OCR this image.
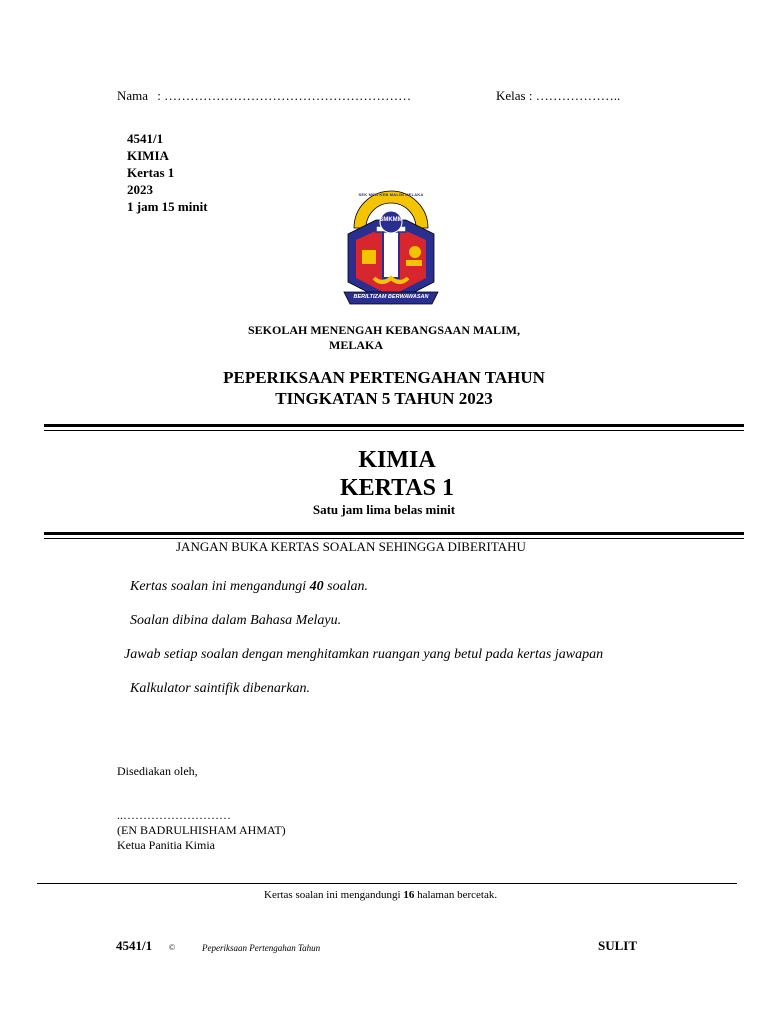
Nama : …………………………………………………	Kelas : ………………..
4541/1
KIMIA
Kertas 1
2023
1 jam 15 minit
SEK MEN KEB MALIM MELAKA
SMKMM
BERILTIZAM BERWAWASAN
SEKOLAH MENENGAH KEBANGSAAN MALIM,
MELAKA
PEPERIKSAAN PERTENGAHAN TAHUN
TINGKATAN 5 TAHUN 2023
KIMIA
KERTAS 1
Satu jam lima belas minit
JANGAN BUKA KERTAS SOALAN SEHINGGA DIBERITAHU
Kertas soalan ini mengandungi 40 soalan.
Soalan dibina dalam Bahasa Melayu.
Jawab setiap soalan dengan menghitamkan ruangan yang betul pada kertas jawapan
Kalkulator saintifik dibenarkan.
Disediakan oleh,
..………………………
(EN BADRULHISHAM AHMAT)
Ketua Panitia Kimia
Kertas soalan ini mengandungi 16 halaman bercetak.
4541/1 ©	Peperiksaan Pertengahan Tahun	SULIT
